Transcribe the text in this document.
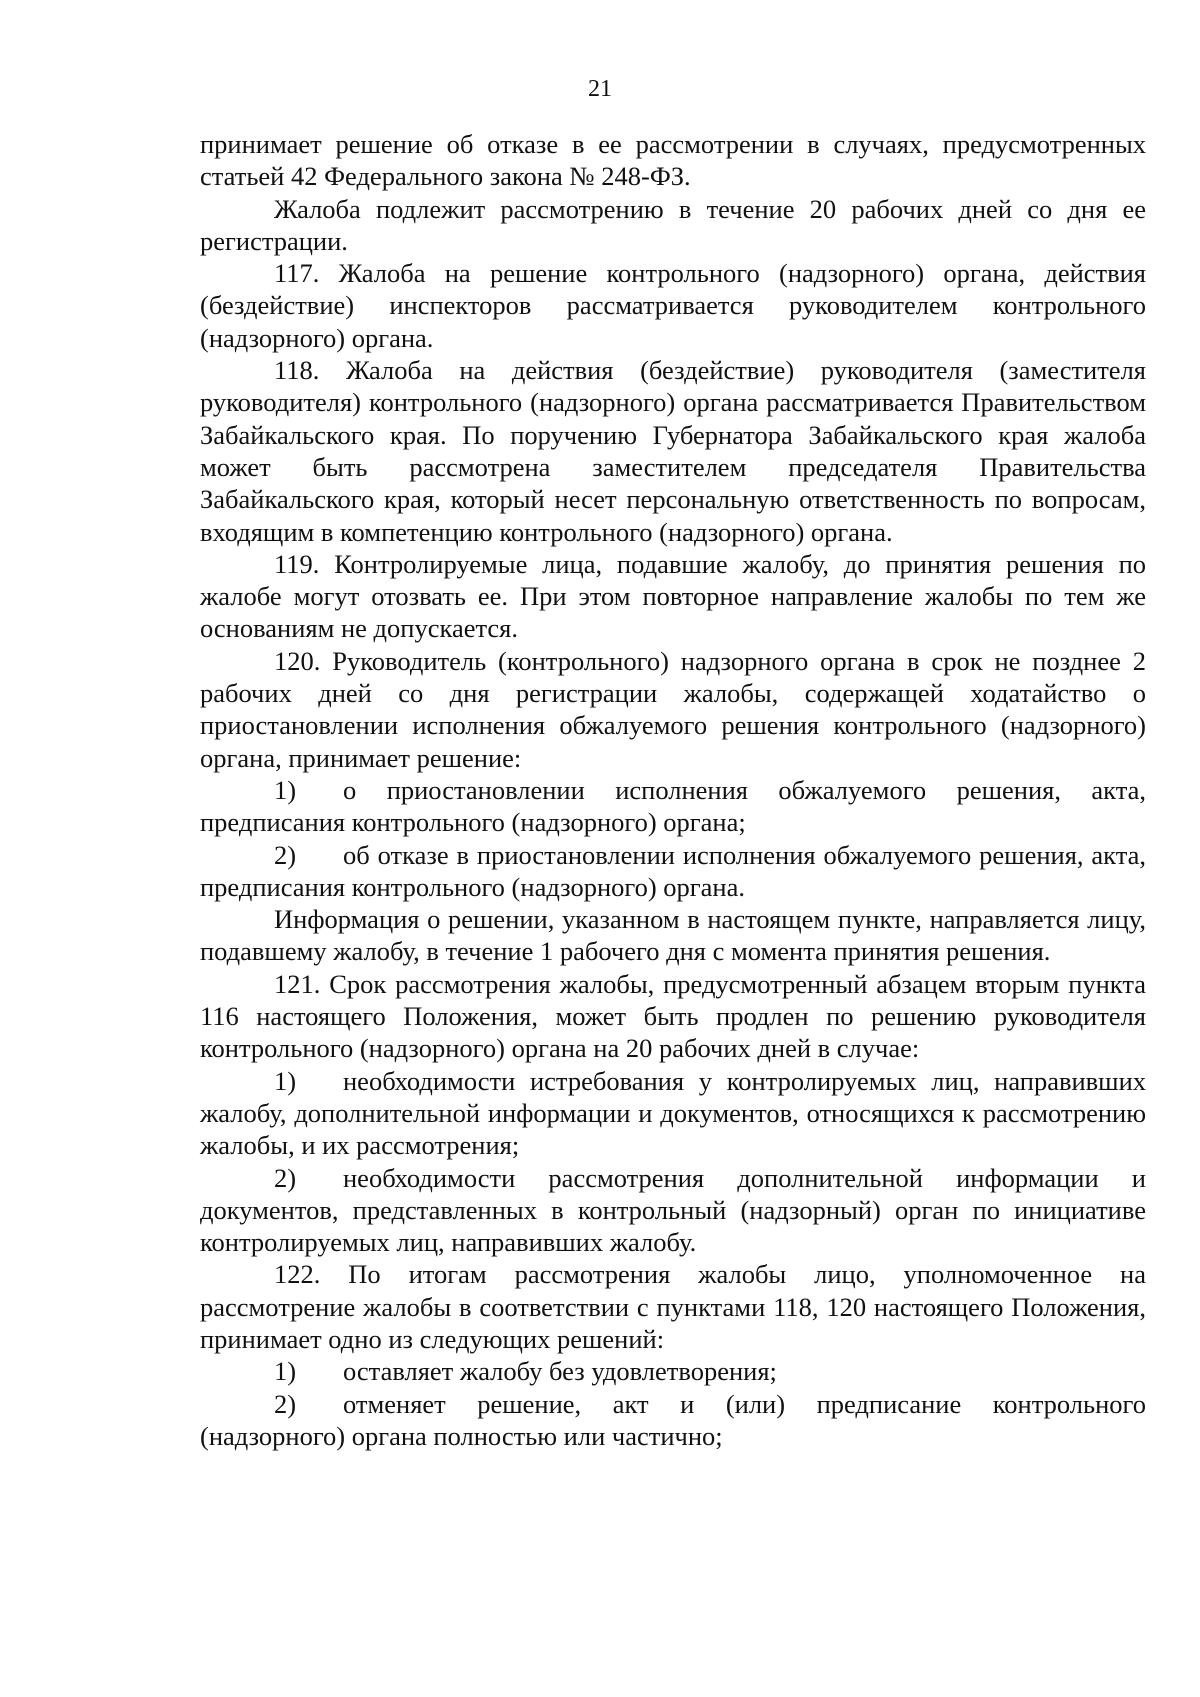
21

принимает решение об отказе в ее рассмотрении в случаях, предусмотренных статьей 42 Федерального закона № 248-ФЗ.

Жалоба подлежит рассмотрению в течение 20 рабочих дней со дня ее регистрации.

117. Жалоба на решение контрольного (надзорного) органа, действия (бездействие) инспекторов рассматривается руководителем контрольного (надзорного) органа.

118. Жалоба на действия (бездействие) руководителя (заместителя руководителя) контрольного (надзорного) органа рассматривается Правительством Забайкальского края. По поручению Губернатора Забайкальского края жалоба может быть рассмотрена заместителем председателя Правительства Забайкальского края, который несет персональную ответственность по вопросам, входящим в компетенцию контрольного (надзорного) органа.

119. Контролируемые лица, подавшие жалобу, до принятия решения по жалобе могут отозвать ее. При этом повторное направление жалобы по тем же основаниям не допускается.

120. Руководитель (контрольного) надзорного органа в срок не позднее 2 рабочих дней со дня регистрации жалобы, содержащей ходатайство о приостановлении исполнения обжалуемого решения контрольного (надзорного) органа, принимает решение:

1) о приостановлении исполнения обжалуемого решения, акта, предписания контрольного (надзорного) органа;

2) об отказе в приостановлении исполнения обжалуемого решения, акта, предписания контрольного (надзорного) органа.

Информация о решении, указанном в настоящем пункте, направляется лицу, подавшему жалобу, в течение 1 рабочего дня с момента принятия решения.

121. Срок рассмотрения жалобы, предусмотренный абзацем вторым пункта 116 настоящего Положения, может быть продлен по решению руководителя контрольного (надзорного) органа на 20 рабочих дней в случае:

1) необходимости истребования у контролируемых лиц, направивших жалобу, дополнительной информации и документов, относящихся к рассмотрению жалобы, и их рассмотрения;

2) необходимости рассмотрения дополнительной информации и документов, представленных в контрольный (надзорный) орган по инициативе контролируемых лиц, направивших жалобу.

122. По итогам рассмотрения жалобы лицо, уполномоченное на рассмотрение жалобы в соответствии с пунктами 118, 120 настоящего Положения, принимает одно из следующих решений:

1) оставляет жалобу без удовлетворения;

2) отменяет решение, акт и (или) предписание контрольного (надзорного) органа полностью или частично;
